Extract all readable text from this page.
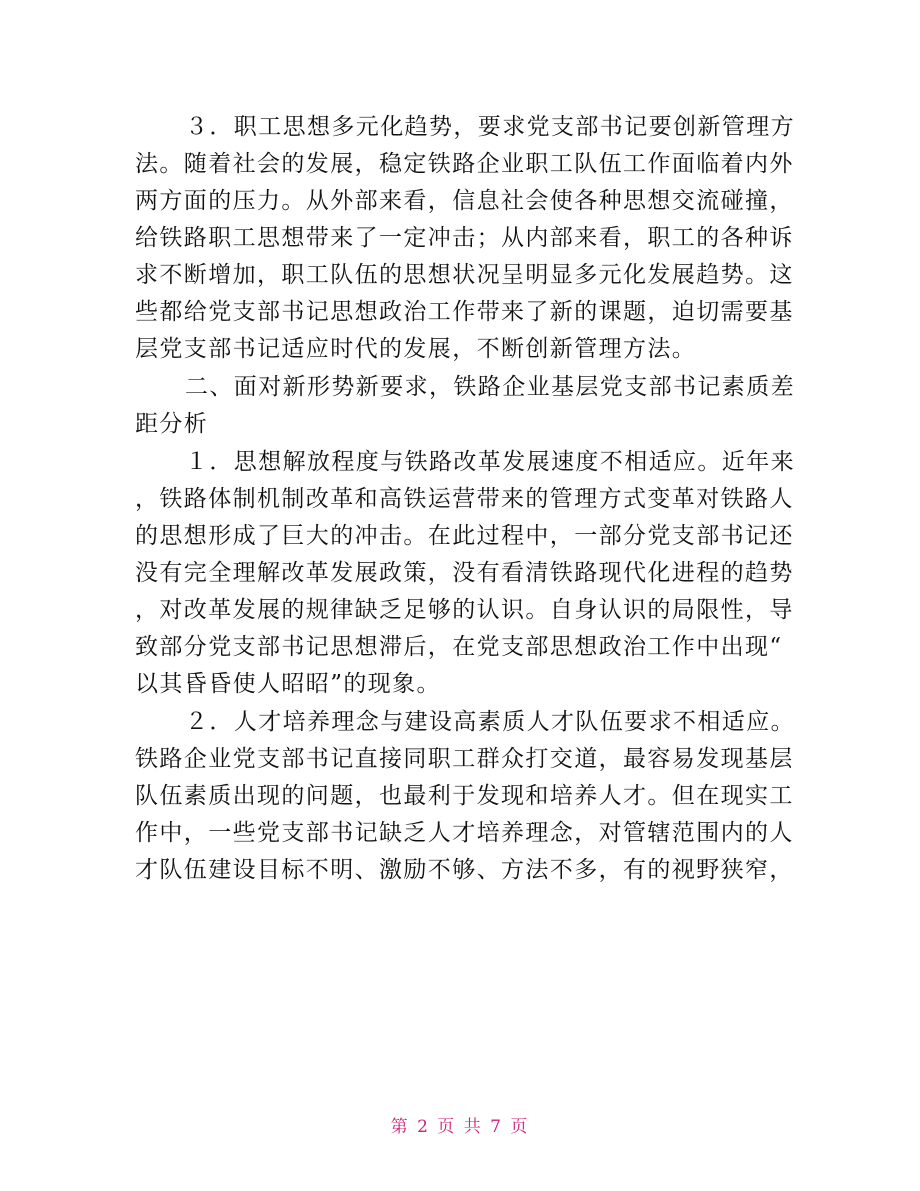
３．职工思想多元化趋势，要求党支部书记要创新管理方
法。随着社会的发展，稳定铁路企业职工队伍工作面临着内外
两方面的压力。从外部来看，信息社会使各种思想交流碰撞，
给铁路职工思想带来了一定冲击；从内部来看，职工的各种诉
求不断增加，职工队伍的思想状况呈明显多元化发展趋势。这
些都给党支部书记思想政治工作带来了新的课题，迫切需要基
层党支部书记适应时代的发展，不断创新管理方法。
二、面对新形势新要求，铁路企业基层党支部书记素质差
距分析
１．思想解放程度与铁路改革发展速度不相适应。近年来
，铁路体制机制改革和高铁运营带来的管理方式变革对铁路人
的思想形成了巨大的冲击。在此过程中，一部分党支部书记还
没有完全理解改革发展政策，没有看清铁路现代化进程的趋势
，对改革发展的规律缺乏足够的认识。自身认识的局限性，导
致部分党支部书记思想滞后，在党支部思想政治工作中出现“
以其昏昏使人昭昭”的现象。
２．人才培养理念与建设高素质人才队伍要求不相适应。
铁路企业党支部书记直接同职工群众打交道，最容易发现基层
队伍素质出现的问题，也最利于发现和培养人才。但在现实工
作中，一些党支部书记缺乏人才培养理念，对管辖范围内的人
才队伍建设目标不明、激励不够、方法不多，有的视野狭窄，
第 2 页 共 7 页
